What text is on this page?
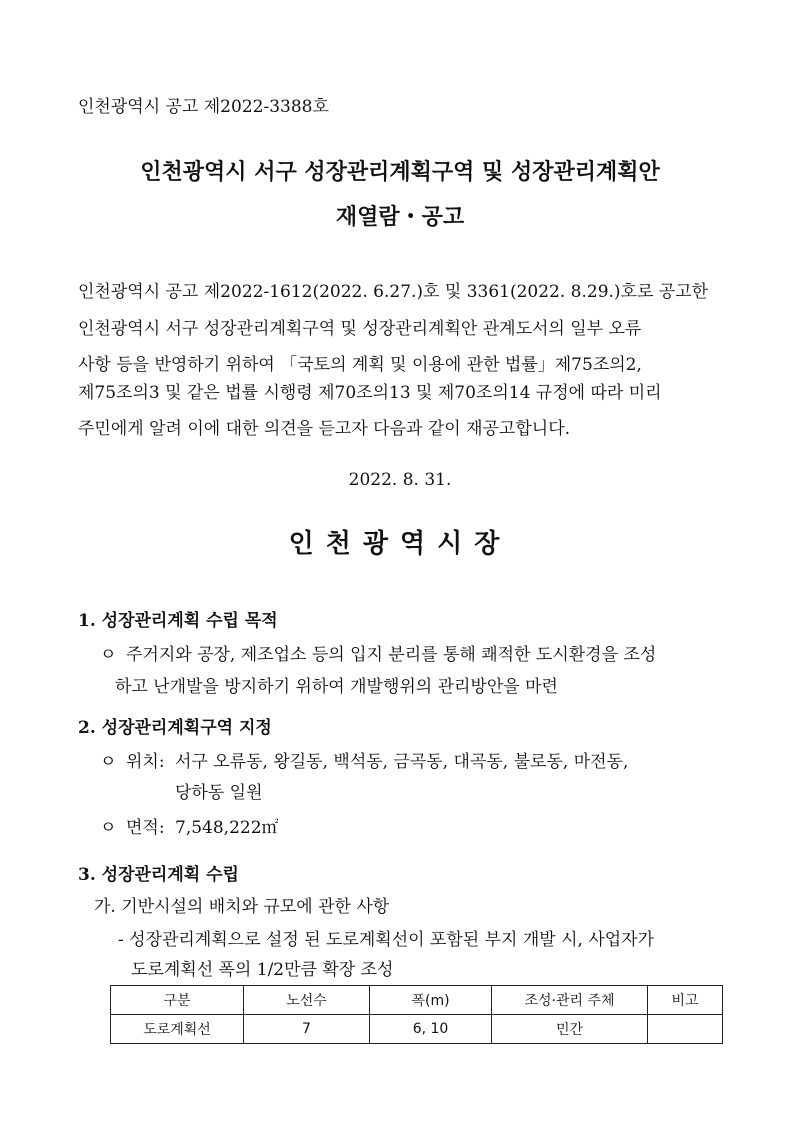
인천광역시 공고 제2022-3388호
인천광역시 서구 성장관리계획구역 및 성장관리계획안
재열람・공고
인천광역시 공고 제2022-1612(2022. 6.27.)호 및 3361(2022. 8.29.)호로 공고한
인천광역시 서구 성장관리계획구역 및 성장관리계획안 관계도서의 일부 오류
사항 등을 반영하기 위하여 「국토의 계획 및 이용에 관한 법률」제75조의2,
제75조의3 및 같은 법률 시행령 제70조의13 및 제70조의14 규정에 따라 미리
주민에게 알려 이에 대한 의견을 듣고자 다음과 같이 재공고합니다.
2022. 8. 31.
인천광역시장
1. 성장관리계획 수립 목적
ㅇ 주거지와 공장, 제조업소 등의 입지 분리를 통해 쾌적한 도시환경을 조성
하고 난개발을 방지하기 위하여 개발행위의 관리방안을 마련
2. 성장관리계획구역 지정
ㅇ 위치: 서구 오류동, 왕길동, 백석동, 금곡동, 대곡동, 불로동, 마전동,
당하동 일원
ㅇ 면적: 7,548,222㎡
3. 성장관리계획 수립
가. 기반시설의 배치와 규모에 관한 사항
- 성장관리계획으로 설정 된 도로계획선이 포함된 부지 개발 시, 사업자가
도로계획선 폭의 1/2만큼 확장 조성
구분	노선수	폭(m)	조성·관리 주체	비고
도로계획선	7	6, 10	민간	
